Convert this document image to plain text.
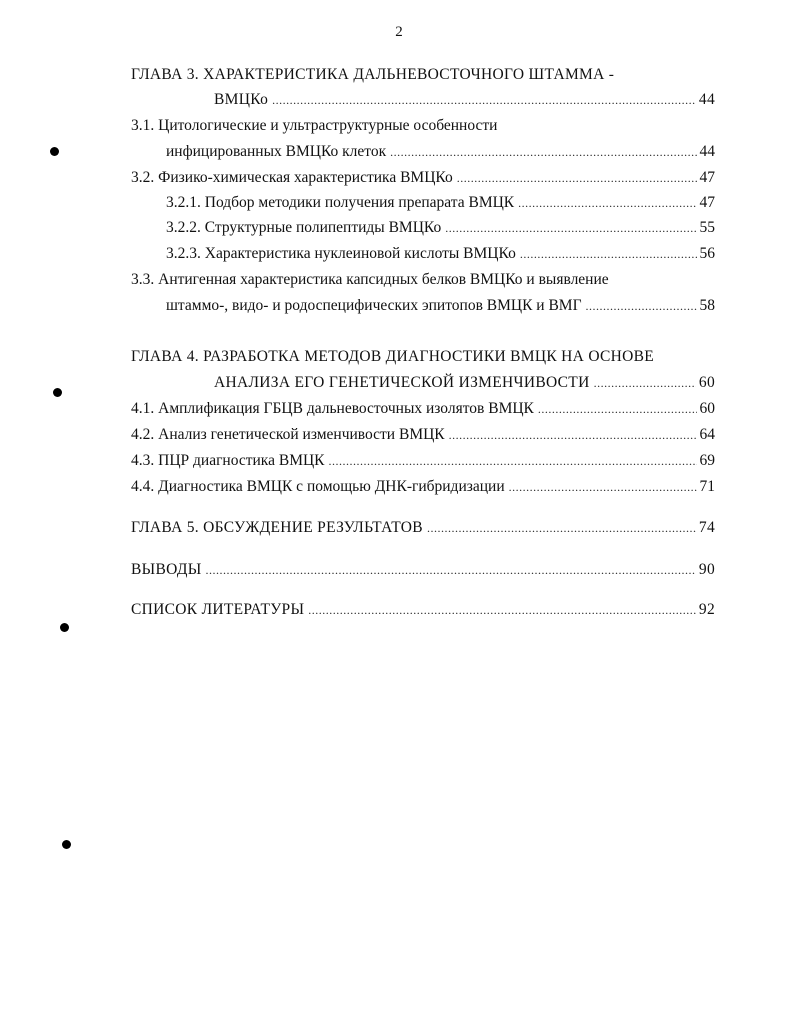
2
ГЛАВА 3. ХАРАКТЕРИСТИКА ДАЛЬНЕВОСТОЧНОГО ШТАММА -
ВМЦКо .....	44
3.1. Цитологические и ультраструктурные особенности
инфицированных ВМЦКо клеток .....	44
3.2. Физико-химическая характеристика ВМЦКо .....	47
3.2.1. Подбор методики получения препарата ВМЦК .....	47
3.2.2. Структурные полипептиды ВМЦКо .....	55
3.2.3. Характеристика нуклеиновой кислоты ВМЦКо .....	56
3.3. Антигенная характеристика капсидных белков ВМЦКо и выявление
штаммо-, видо- и родоспецифических эпитопов ВМЦК и ВМГ .....	58
ГЛАВА 4. РАЗРАБОТКА МЕТОДОВ ДИАГНОСТИКИ ВМЦК НА ОСНОВЕ
АНАЛИЗА ЕГО ГЕНЕТИЧЕСКОЙ ИЗМЕНЧИВОСТИ .....	60
4.1. Амплификация ГБЦВ дальневосточных изолятов ВМЦК .....	60
4.2. Анализ генетической изменчивости ВМЦК .....	64
4.3. ПЦР диагностика ВМЦК .....	69
4.4. Диагностика ВМЦК с помощью ДНК-гибридизации .....	71
ГЛАВА 5. ОБСУЖДЕНИЕ РЕЗУЛЬТАТОВ .....	74
ВЫВОДЫ .....	90
СПИСОК ЛИТЕРАТУРЫ .....	92
